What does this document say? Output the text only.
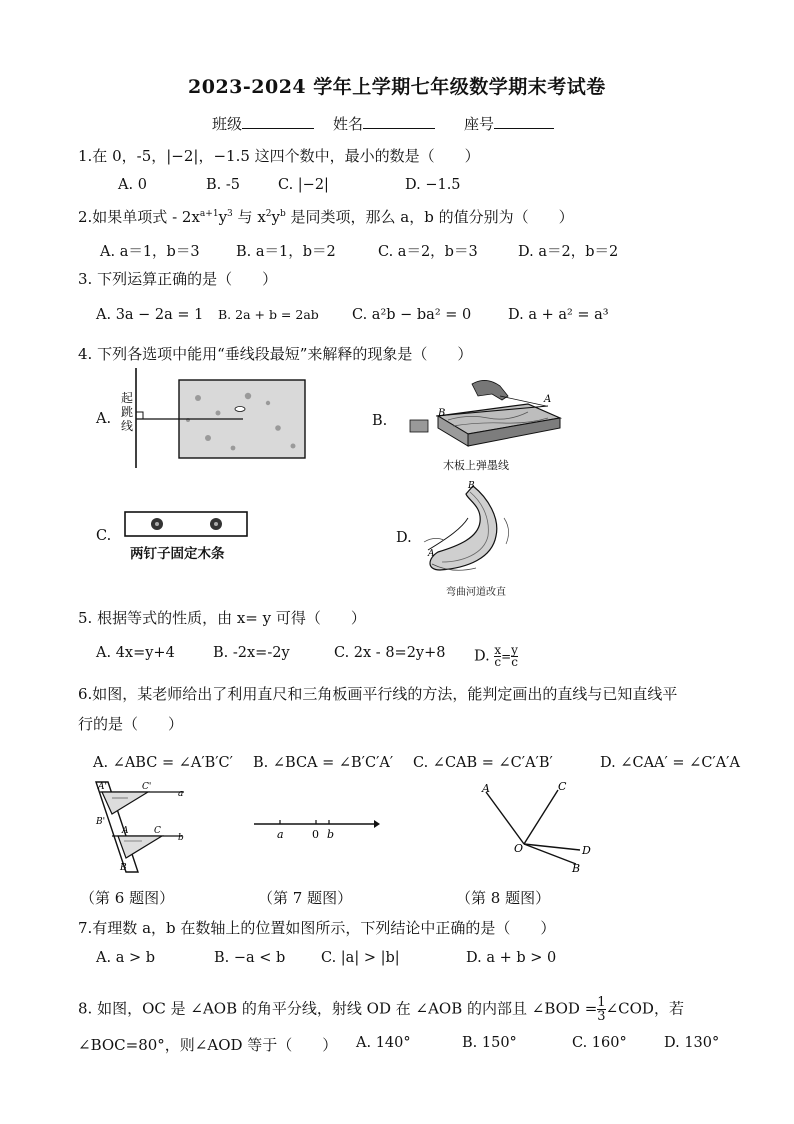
2023-2024 学年上学期七年级数学期末考试卷
班级	姓名	座号
1.在 0，-5，|−2|，−1.5 这四个数中，最小的数是（　　）
A. 0	B. -5	C. |−2|	D. −1.5
2.如果单项式 - $2x^{a+1}y^3$ 与 $x^2y^b$ 是同类项，那么 a，b 的值分别为（　　）
A. a＝1，b＝3	B. a＝1，b＝2	C. a＝2，b＝3	D. a＝2，b＝2
3. 下列运算正确的是（　　）
A. 3a − 2a = 1 B. 2a + b = 2ab C. a²b − ba² = 0	D. a + a² = a³
4. 下列各选项中能用“垂线段最短”来解释的现象是（　　）
A.
起
跳
线	B.	B
A
木板上弹墨线
C.
两钉子固定木条
D.
B
A
弯曲河道改直
5. 根据等式的性质，由 x= y 可得（　　）
A. 4x=y+4	B. -2x=-2y	C. 2x - 8=2y+8 D. $\frac{x}{c} = \frac{y}{c}$
6.如图，某老师给出了利用直尺和三角板画平行线的方法，能判定画出的直线与已知直线平
行的是（　　）
A. ∠ABC = ∠A′B′C′ B. ∠BCA = ∠B′C′A′ C. ∠CAB = ∠C′A′B′	D. ∠CAA′ = ∠C′A′A
A'	C'
a
B'
A	C
b
B
a	0 b
A	C
O	D
B
（第 6 题图）	（第 7 题图）	（第 8 题图）
7.有理数 a，b 在数轴上的位置如图所示，下列结论中正确的是（　　）
A. a > b	B. −a < b C. |a| > |b|	D. a + b > 0
8. 如图，OC 是 ∠AOB 的角平分线，射线 OD 在 ∠AOB 的内部且 ∠BOD = $\frac{1}{3}$ ∠COD，若
∠BOC=80°，则∠AOD 等于（　　） A. 140°	B. 150°	C. 160°	D. 130°
